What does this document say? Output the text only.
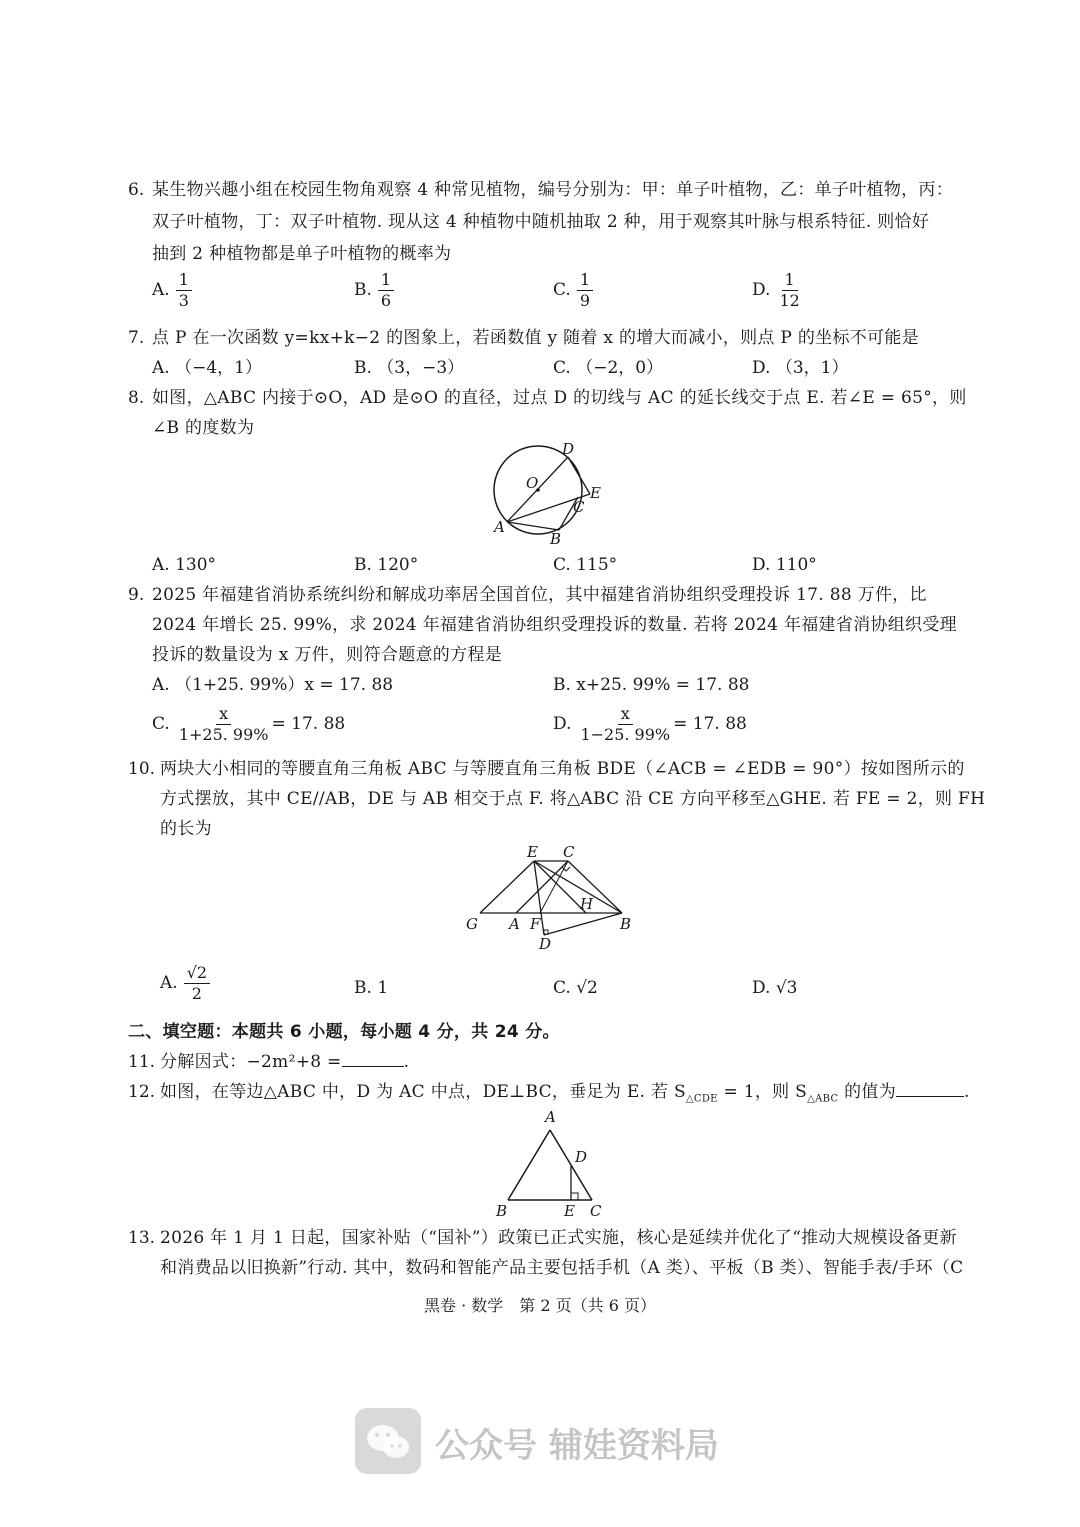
6. 某生物兴趣小组在校园生物角观察 4 种常见植物，编号分别为：甲：单子叶植物，乙：单子叶植物，丙：
双子叶植物，丁：双子叶植物. 现从这 4 种植物中随机抽取 2 种，用于观察其叶脉与根系特征. 则恰好
抽到 2 种植物都是单子叶植物的概率为
A. $\frac{1}{3}$	B. $\frac{1}{6}$	C. $\frac{1}{9}$	D. $\frac{1}{12}$
7. 点 P 在一次函数 y=kx+k−2 的图象上，若函数值 y 随着 x 的增大而减小，则点 P 的坐标不可能是
A. （−4，1）	B. （3，−3）	C. （−2，0）	D. （3，1）
8. 如图，△ABC 内接于⊙O，AD 是⊙O 的直径，过点 D 的切线与 AC 的延长线交于点 E. 若∠E = 65°，则
∠B 的度数为
D
O
E
C
A
B
A. 130°	B. 120°	C. 115°	D. 110°
9. 2025 年福建省消协系统纠纷和解成功率居全国首位，其中福建省消协组织受理投诉 17. 88 万件，比
2024 年增长 25. 99%，求 2024 年福建省消协组织受理投诉的数量. 若将 2024 年福建省消协组织受理
投诉的数量设为 x 万件，则符合题意的方程是
A. （1+25. 99%）x = 17. 88	B. x+25. 99% = 17. 88
C. $\frac{x}{1+25. 99\%} = 17$. 88	D. $\frac{x}{1-25. 99\%} = 17$. 88
10. 两块大小相同的等腰直角三角板 ABC 与等腰直角三角板 BDE（∠ACB = ∠EDB = 90°）按如图所示的
方式摆放，其中 CE//AB，DE 与 AB 相交于点 F. 将△ABC 沿 CE 方向平移至△GHE. 若 FE = 2，则 FH
的长为
E C
H
G A F	B
D
A. $\frac{√2}{2}$	B. 1	C. √2	D. √3
二、填空题：本题共 6 小题，每小题 4 分，共 24 分。
11. 分解因式：−2m²+8 =	.
12. 如图，在等边△ABC 中，D 为 AC 中点，DE⊥BC，垂足为 E. 若 $S_{\triangle CDE} = 1$，则 $S_{\triangle ABC}$ 的值为	.
A
D
B	E C
13. 2026 年 1 月 1 日起，国家补贴（“国补”）政策已正式实施，核心是延续并优化了“推动大规模设备更新
和消费品以旧换新”行动. 其中，数码和智能产品主要包括手机（A 类）、平板（B 类）、智能手表/手环（C
黑卷 · 数学　第 2 页（共 6 页）
公众号 辅娃资料局
